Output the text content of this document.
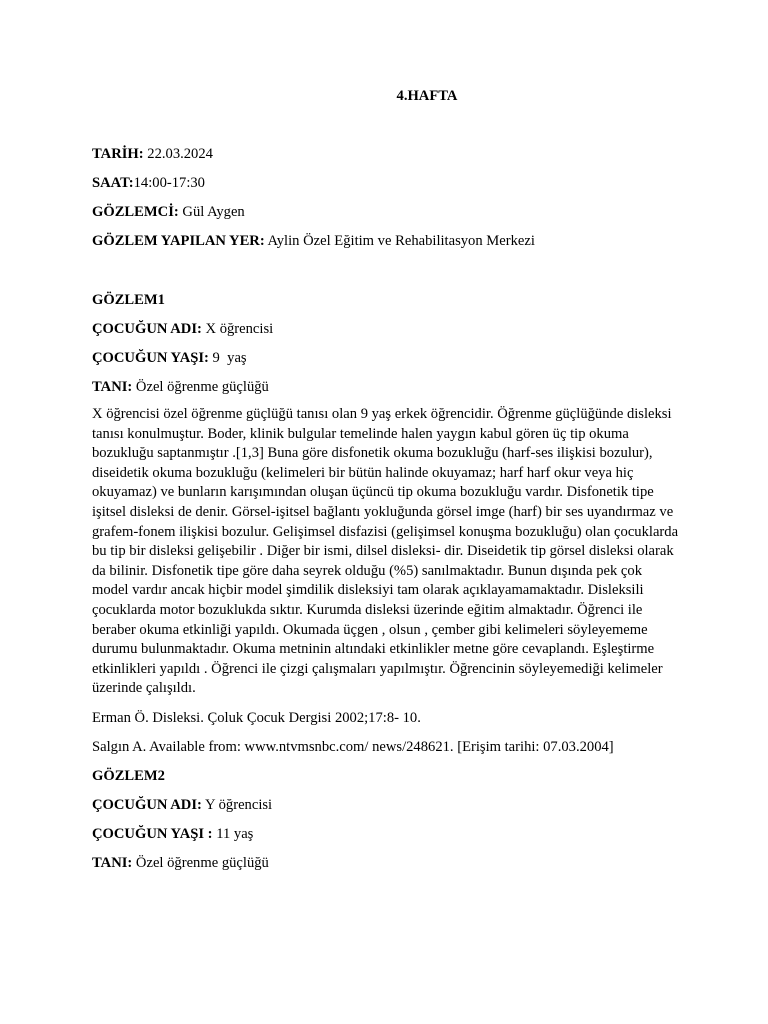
4.HAFTA
TARİH: 22.03.2024
SAAT:14:00-17:30
GÖZLEMCİ: Gül Aygen
GÖZLEM YAPILAN YER: Aylin Özel Eğitim ve Rehabilitasyon Merkezi
GÖZLEM1
ÇOCUĞUN ADI: X öğrencisi
ÇOCUĞUN YAŞI: 9  yaş
TANI: Özel öğrenme güçlüğü
X öğrencisi özel öğrenme güçlüğü tanısı olan 9 yaş erkek öğrencidir. Öğrenme güçlüğünde disleksi tanısı konulmuştur. Boder, klinik bulgular temelinde halen yaygın kabul gören üç tip okuma bozukluğu saptanmıştır .[1,3] Buna göre disfonetik okuma bozukluğu (harf-ses ilişkisi bozulur), diseidetik okuma bozukluğu (kelimeleri bir bütün halinde okuyamaz; harf harf okur veya hiç okuyamaz) ve bunların karışımından oluşan üçüncü tip okuma bozukluğu vardır. Disfonetik tipe işitsel disleksi de denir. Görsel-işitsel bağlantı yokluğunda görsel imge (harf) bir ses uyandırmaz ve grafem-fonem ilişkisi bozulur. Gelişimsel disfazisi (gelişimsel konuşma bozukluğu) olan çocuklarda bu tip bir disleksi gelişebilir . Diğer bir ismi, dilsel disleksi- dir. Diseidetik tip görsel disleksi olarak da bilinir. Disfonetik tipe göre daha seyrek olduğu (%5) sanılmaktadır. Bunun dışında pek çok model vardır ancak hiçbir model şimdilik disleksiyi tam olarak açıklayamamaktadır. Disleksili çocuklarda motor bozuklukda sıktır. Kurumda disleksi üzerinde eğitim almaktadır. Öğrenci ile beraber okuma etkinliği yapıldı. Okumada üçgen , olsun , çember gibi kelimeleri söyleyememe durumu bulunmaktadır. Okuma metninin altındaki etkinlikler metne göre cevaplandı. Eşleştirme etkinlikleri yapıldı . Öğrenci ile çizgi çalışmaları yapılmıştır. Öğrencinin söyleyemediği kelimeler üzerinde çalışıldı.
Erman Ö. Disleksi. Çoluk Çocuk Dergisi 2002;17:8- 10.
Salgın A. Available from: www.ntvmsnbc.com/ news/248621. [Erişim tarihi: 07.03.2004]
GÖZLEM2
ÇOCUĞUN ADI: Y öğrencisi
ÇOCUĞUN YAŞI : 11 yaş
TANI: Özel öğrenme güçlüğü
